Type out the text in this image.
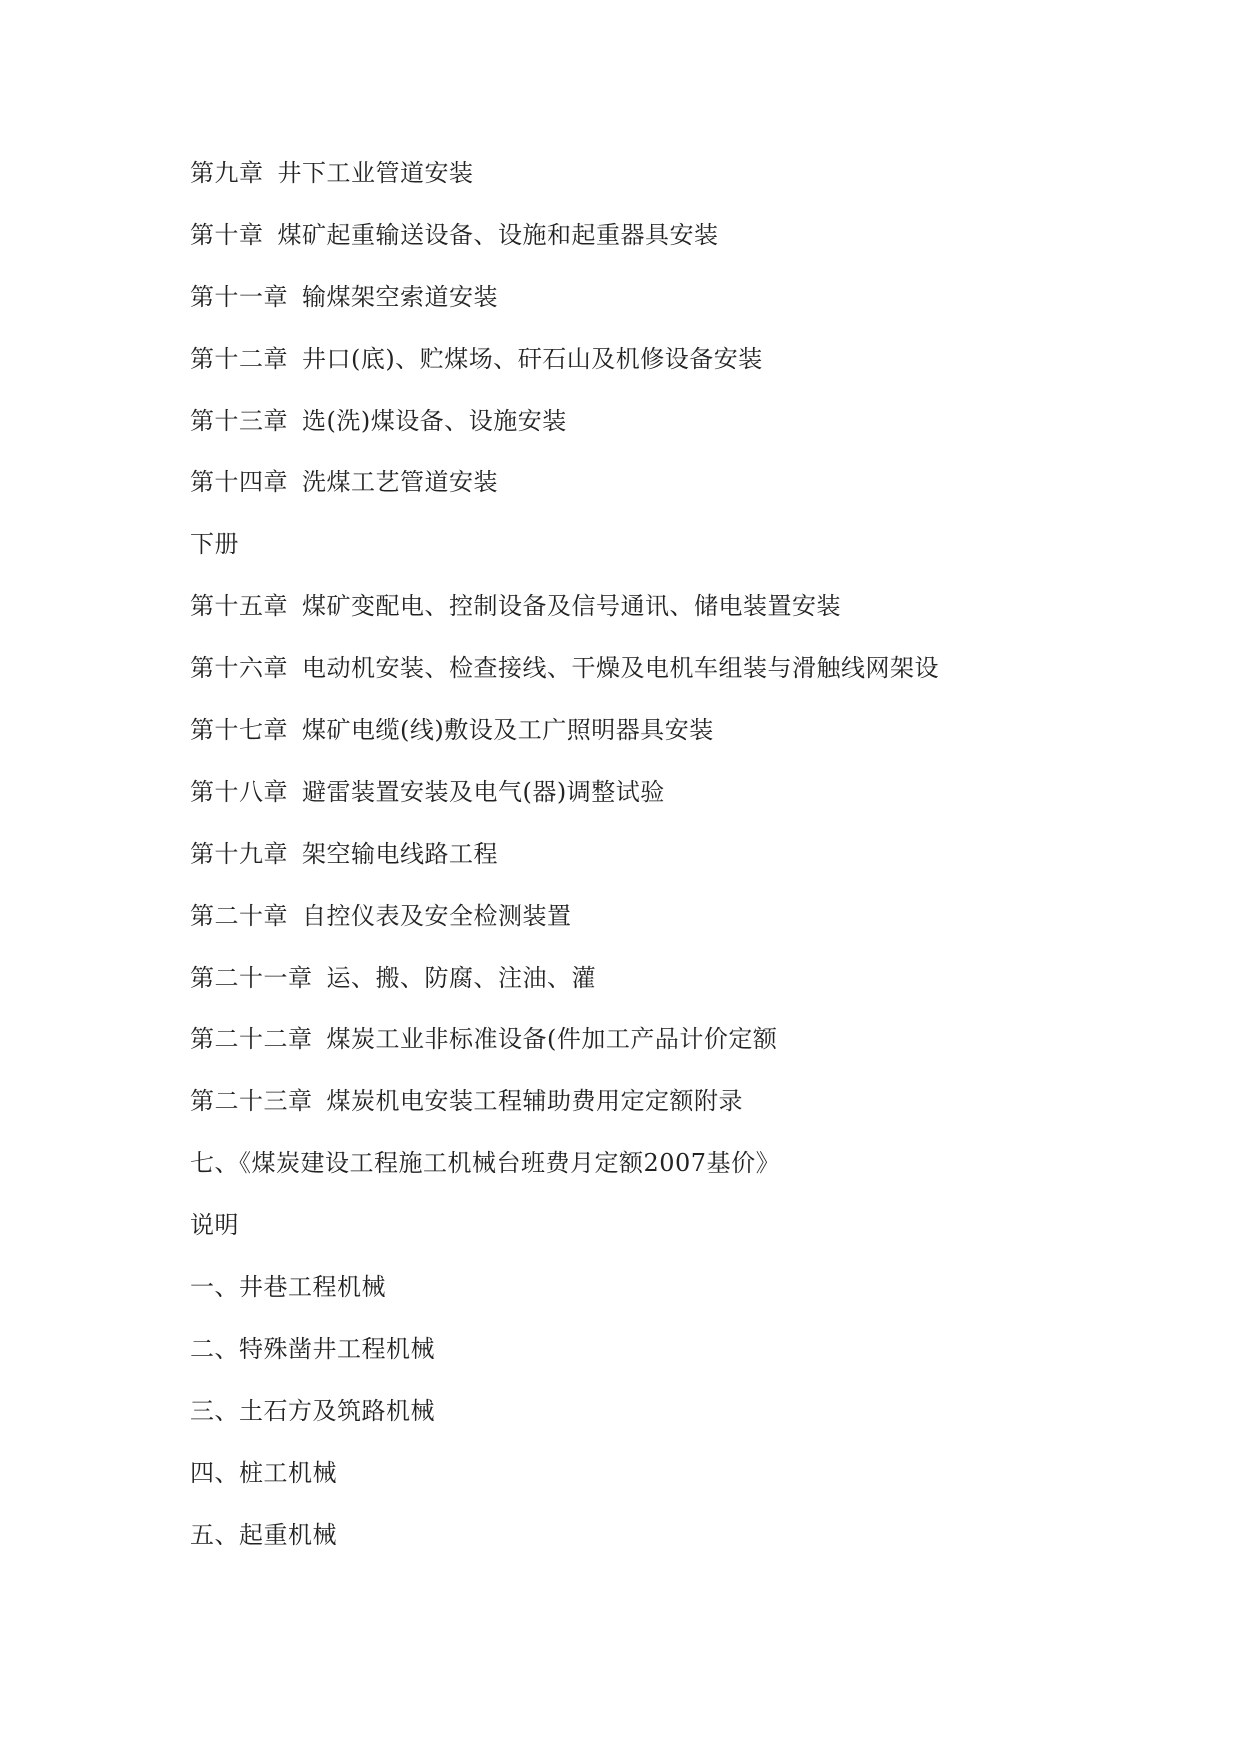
第九章 井下工业管道安装
第十章 煤矿起重输送设备、设施和起重器具安装
第十一章 输煤架空索道安装
第十二章 井口(底)、贮煤场、矸石山及机修设备安装
第十三章 选(洗)煤设备、设施安装
第十四章 洗煤工艺管道安装
下册
第十五章 煤矿变配电、控制设备及信号通讯、储电装置安装
第十六章 电动机安装、检查接线、干燥及电机车组装与滑触线网架设
第十七章 煤矿电缆(线)敷设及工广照明器具安装
第十八章 避雷装置安装及电气(器)调整试验
第十九章 架空输电线路工程
第二十章 自控仪表及安全检测装置
第二十一章 运、搬、防腐、注油、灌
第二十二章 煤炭工业非标准设备(件加工产品计价定额
第二十三章 煤炭机电安装工程辅助费用定定额附录
七、《煤炭建设工程施工机械台班费月定额2007基价》
说明
一、井巷工程机械
二、特殊凿井工程机械
三、土石方及筑路机械
四、桩工机械
五、起重机械
